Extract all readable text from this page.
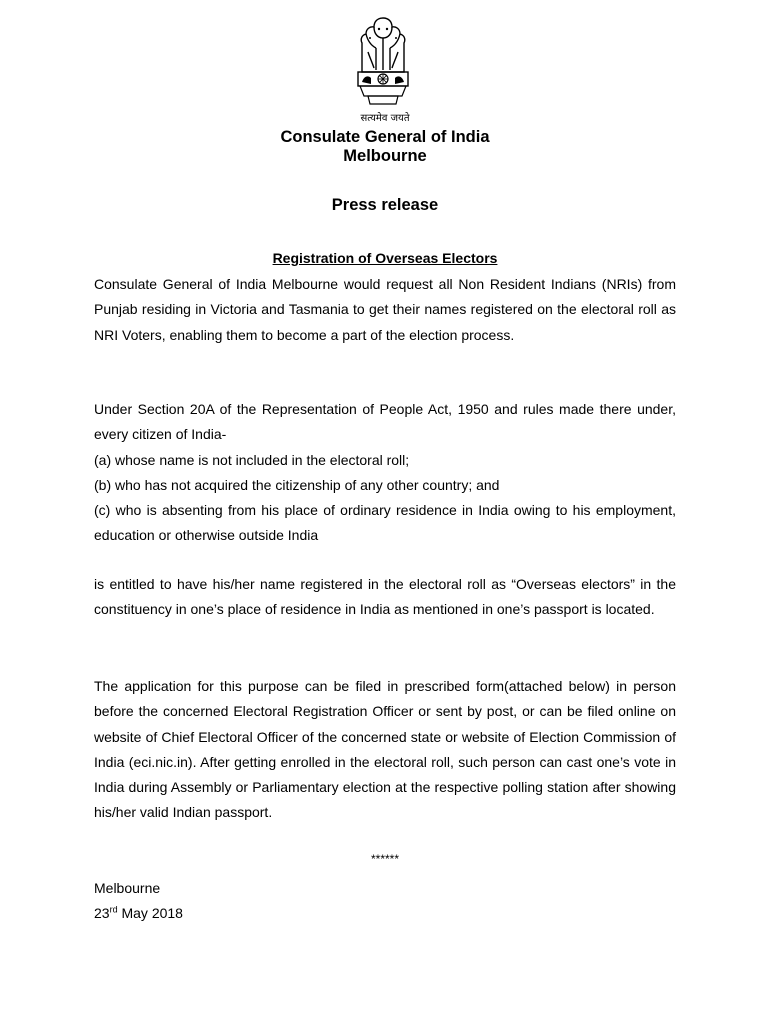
सत्यमेव जयते
Consulate General of India
Melbourne
Press release
Registration of Overseas Electors
Consulate General of India Melbourne would request all Non Resident Indians (NRIs) from Punjab residing in Victoria and Tasmania to get their names registered on the electoral roll as NRI Voters, enabling them to become a part of the election process.
Under Section 20A of the Representation of People Act, 1950 and rules made there under, every citizen of India-
(a) whose name is not included in the electoral roll;
(b) who has not acquired the citizenship of any other country; and
(c) who is absenting from his place of ordinary residence in India owing to his employment, education or otherwise outside India
is entitled to have his/her name registered in the electoral roll as “Overseas electors” in the constituency in one’s place of residence in India as mentioned in one’s passport is located.
The application for this purpose can be filed in prescribed form(attached below) in person before the concerned Electoral Registration Officer or sent by post, or can be filed online on website of Chief Electoral Officer of the concerned state or website of Election Commission of India (eci.nic.in). After getting enrolled in the electoral roll, such person can cast one’s vote in India during Assembly or Parliamentary election at the respective polling station after showing his/her valid Indian passport.
******
Melbourne
23rd May 2018
